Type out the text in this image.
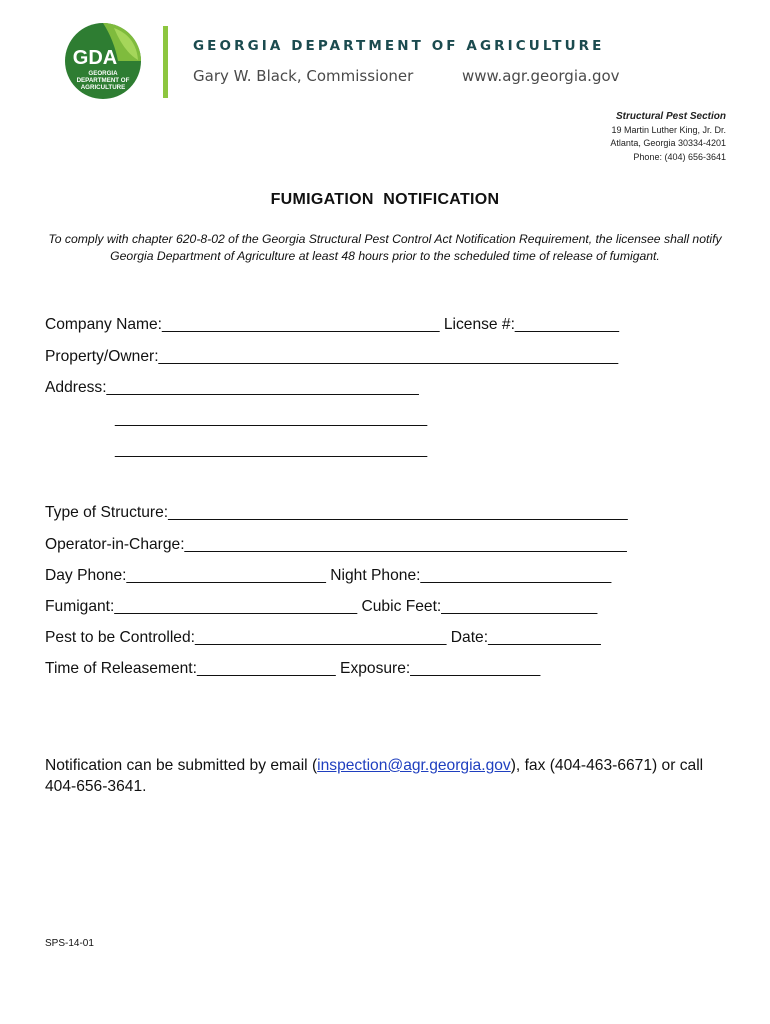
GDA
GEORGIA
DEPARTMENT OF
AGRICULTURE
GEORGIA DEPARTMENT OF AGRICULTURE
Gary W. Black, Commissioner	www.agr.georgia.gov
Structural Pest Section
19 Martin Luther King, Jr. Dr.
Atlanta, Georgia 30334-4201
Phone: (404) 656-3641
FUMIGATION  NOTIFICATION
To comply with chapter 620-8-02 of the Georgia Structural Pest Control Act Notification Requirement, the licensee shall notify Georgia Department of Agriculture at least 48 hours prior to the scheduled time of release of fumigant.
Company Name:________________________________ License #:____________
Property/Owner:_____________________________________________________
Address:____________________________________
____________________________________
____________________________________
Type of Structure:_____________________________________________________
Operator-in-Charge:___________________________________________________
Day Phone:_______________________ Night Phone:______________________
Fumigant:____________________________ Cubic Feet:__________________
Pest to be Controlled:_____________________________ Date:_____________
Time of Releasement:________________ Exposure:_______________
Notification can be submitted by email (inspection@agr.georgia.gov), fax (404-463-6671) or call 404-656-3641.
SPS-14-01
